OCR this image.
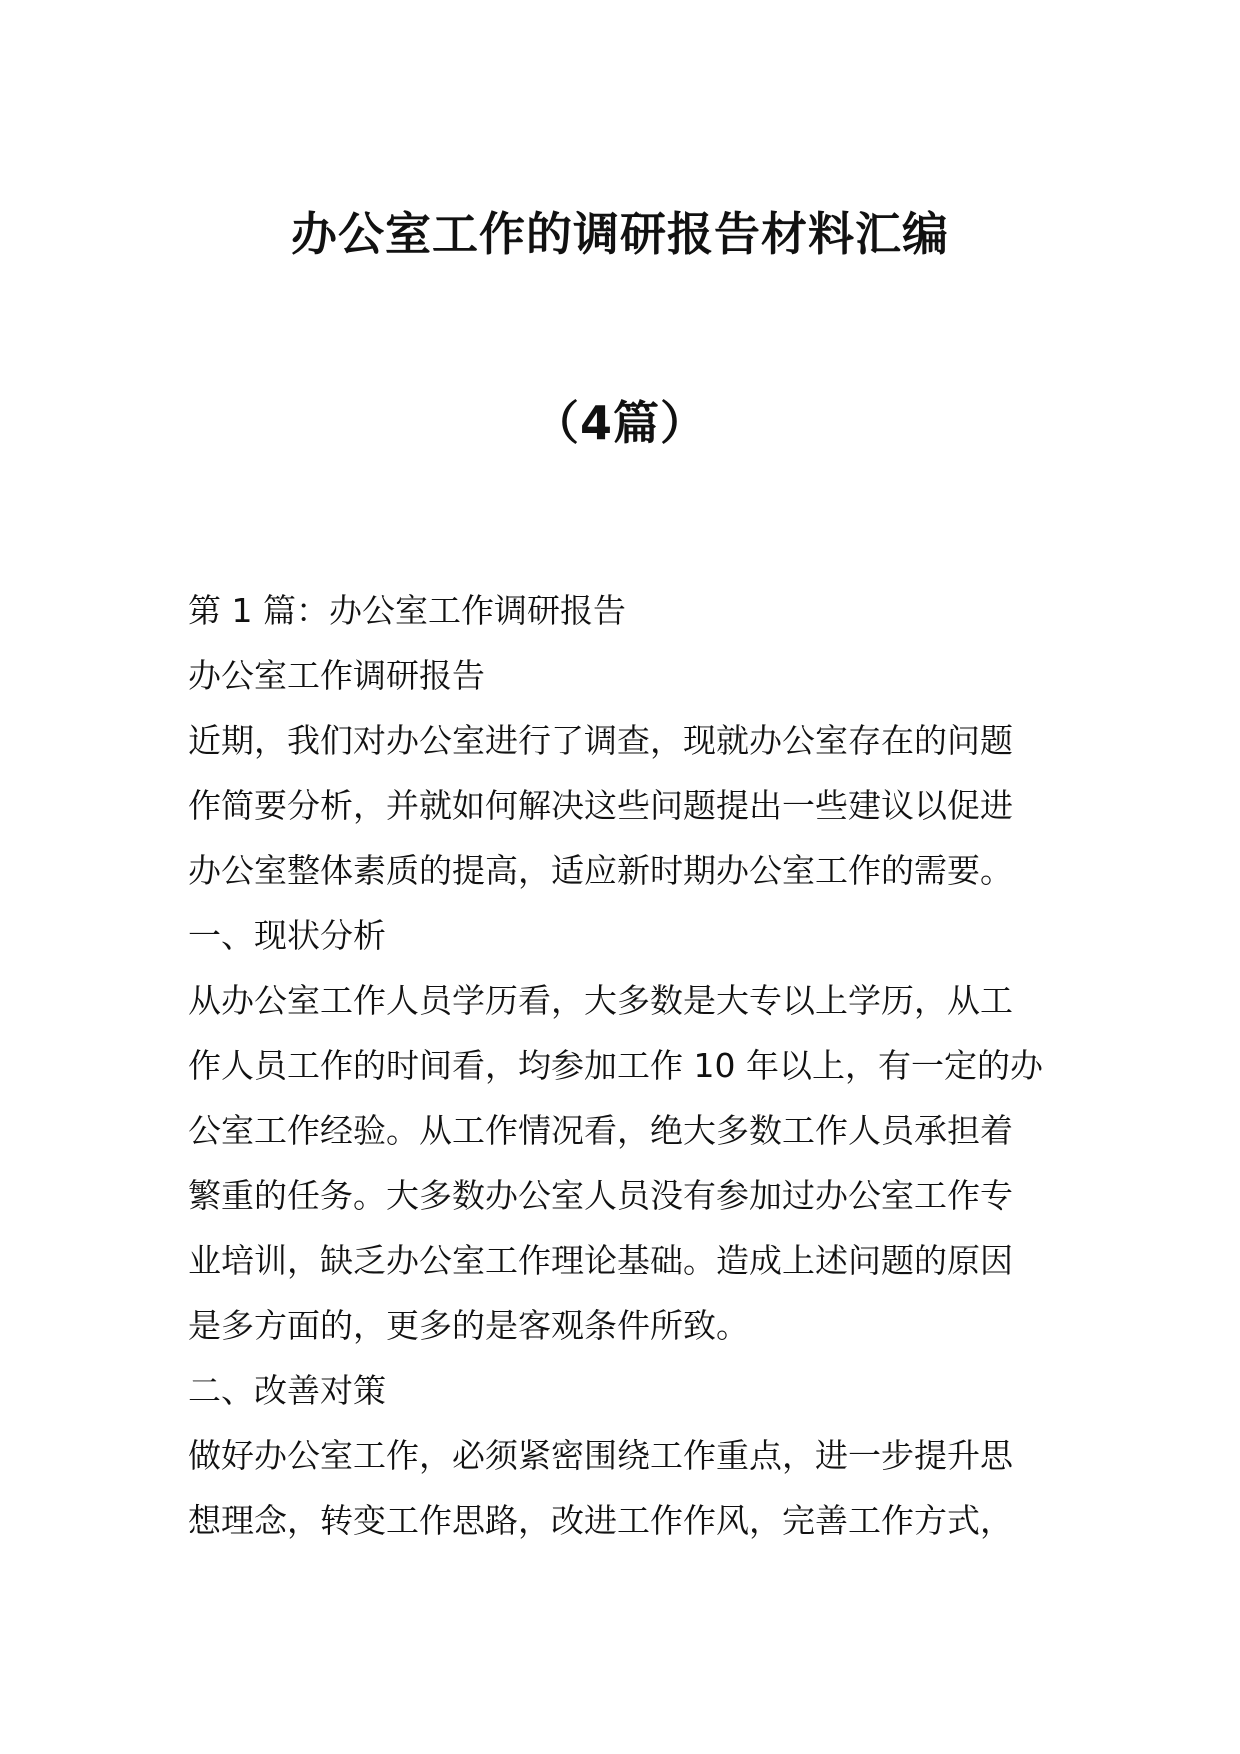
办公室工作的调研报告材料汇编
（4篇）
第 1 篇：办公室工作调研报告
办公室工作调研报告
近期，我们对办公室进行了调查，现就办公室存在的问题
作简要分析，并就如何解决这些问题提出一些建议以促进
办公室整体素质的提高，适应新时期办公室工作的需要。
一、现状分析
从办公室工作人员学历看，大多数是大专以上学历，从工
作人员工作的时间看，均参加工作 10 年以上，有一定的办
公室工作经验。从工作情况看，绝大多数工作人员承担着
繁重的任务。大多数办公室人员没有参加过办公室工作专
业培训，缺乏办公室工作理论基础。造成上述问题的原因
是多方面的，更多的是客观条件所致。
二、改善对策
做好办公室工作，必须紧密围绕工作重点，进一步提升思
想理念，转变工作思路，改进工作作风，完善工作方式，
